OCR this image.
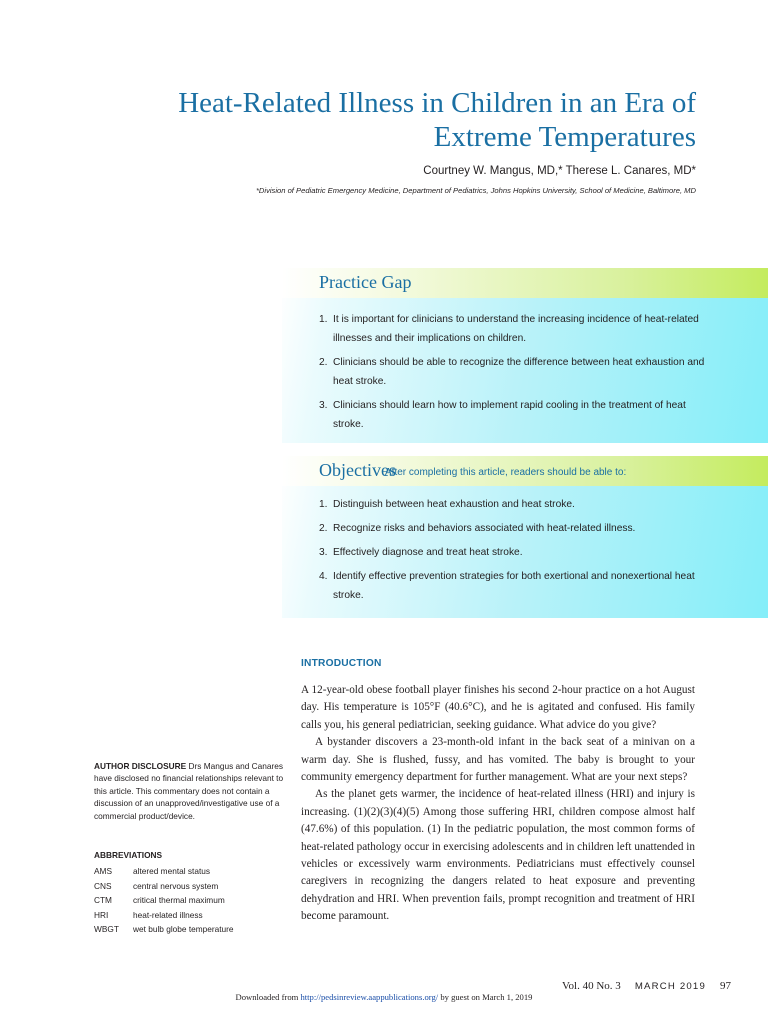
Heat-Related Illness in Children in an Era of
Extreme Temperatures
Courtney W. Mangus, MD,* Therese L. Canares, MD*
*Division of Pediatric Emergency Medicine, Department of Pediatrics, Johns Hopkins University, School of Medicine, Baltimore, MD
Practice Gap
1. It is important for clinicians to understand the increasing incidence of heat-related illnesses and their implications on children.
2. Clinicians should be able to recognize the difference between heat exhaustion and heat stroke.
3. Clinicians should learn how to implement rapid cooling in the treatment of heat stroke.
Objectives
After completing this article, readers should be able to:
1. Distinguish between heat exhaustion and heat stroke.
2. Recognize risks and behaviors associated with heat-related illness.
3. Effectively diagnose and treat heat stroke.
4. Identify effective prevention strategies for both exertional and nonexertional heat stroke.
INTRODUCTION

A 12-year-old obese football player finishes his second 2-hour practice on a hot August day. His temperature is 105°F (40.6°C), and he is agitated and confused. His family calls you, his general pediatrician, seeking guidance. What advice do you give?

A bystander discovers a 23-month-old infant in the back seat of a minivan on a warm day. She is flushed, fussy, and has vomited. The baby is brought to your community emergency department for further management. What are your next steps?

As the planet gets warmer, the incidence of heat-related illness (HRI) and injury is increasing. (1)(2)(3)(4)(5) Among those suffering HRI, children compose almost half (47.6%) of this population. (1) In the pediatric population, the most common forms of heat-related pathology occur in exercising adolescents and in children left unattended in vehicles or excessively warm environments. Pediatricians must effectively counsel caregivers in recognizing the dangers related to heat exposure and preventing dehydration and HRI. When prevention fails, prompt recognition and treatment of HRI become paramount.

AUTHOR DISCLOSURE Drs Mangus and Canares have disclosed no financial relationships relevant to this article. This commentary does not contain a discussion of an unapproved/investigative use of a commercial product/device.
ABBREVIATIONS
AMS	altered mental status
CNS	central nervous system
CTM	critical thermal maximum
HRI	heat-related illness
WBGT	wet bulb globe temperature
Vol. 40 No. 3 MARCH 2019 97
Downloaded from http://pedsinreview.aappublications.org/ by guest on March 1, 2019
